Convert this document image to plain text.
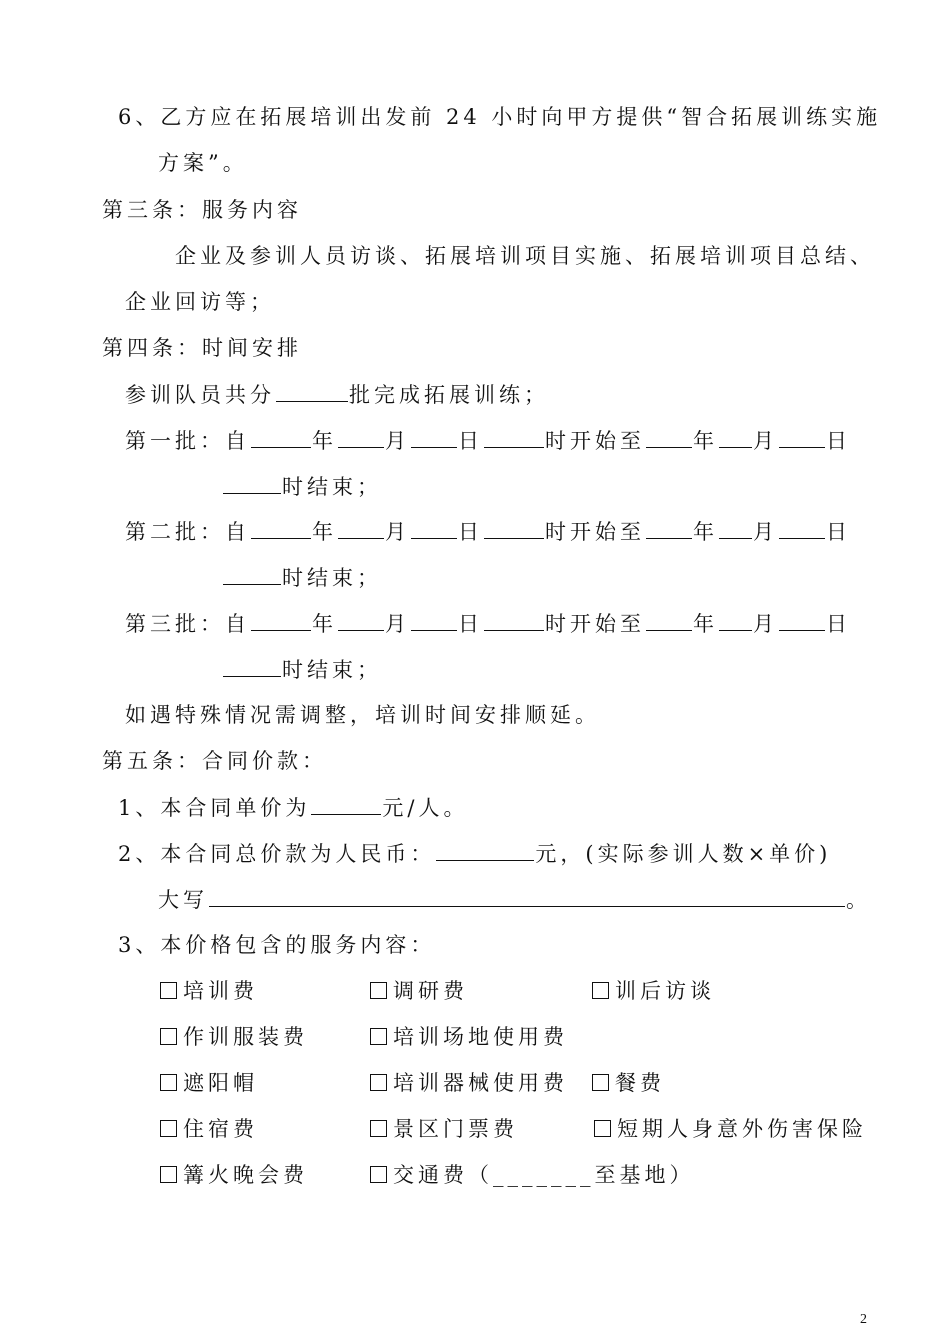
6、乙方应在拓展培训出发前 24 小时向甲方提供“智合拓展训练实施
方案”。
第三条：服务内容
企业及参训人员访谈、拓展培训项目实施、拓展培训项目总结、
企业回访等；
第四条：时间安排
参训队员共分	批完成拓展训练；
第一批：自	年 月 日	时开始至 年 月 日
时结束；
第二批：自	年 月 日	时开始至 年 月 日
时结束；
第三批：自	年 月 日	时开始至 年 月 日
时结束；
如遇特殊情况需调整，培训时间安排顺延。
第五条：合同价款：
1、本合同单价为	元/人。
2、本合同总价款为人民币：	元，(实际参训人数×单价)
大写	。
3、本价格包含的服务内容：
培训费	调研费	训后访谈
作训服装费	培训场地使用费
遮阳帽	培训器械使用费	餐费
住宿费	景区门票费	短期人身意外伤害保险
篝火晚会费	交通费（_______至基地）
2
